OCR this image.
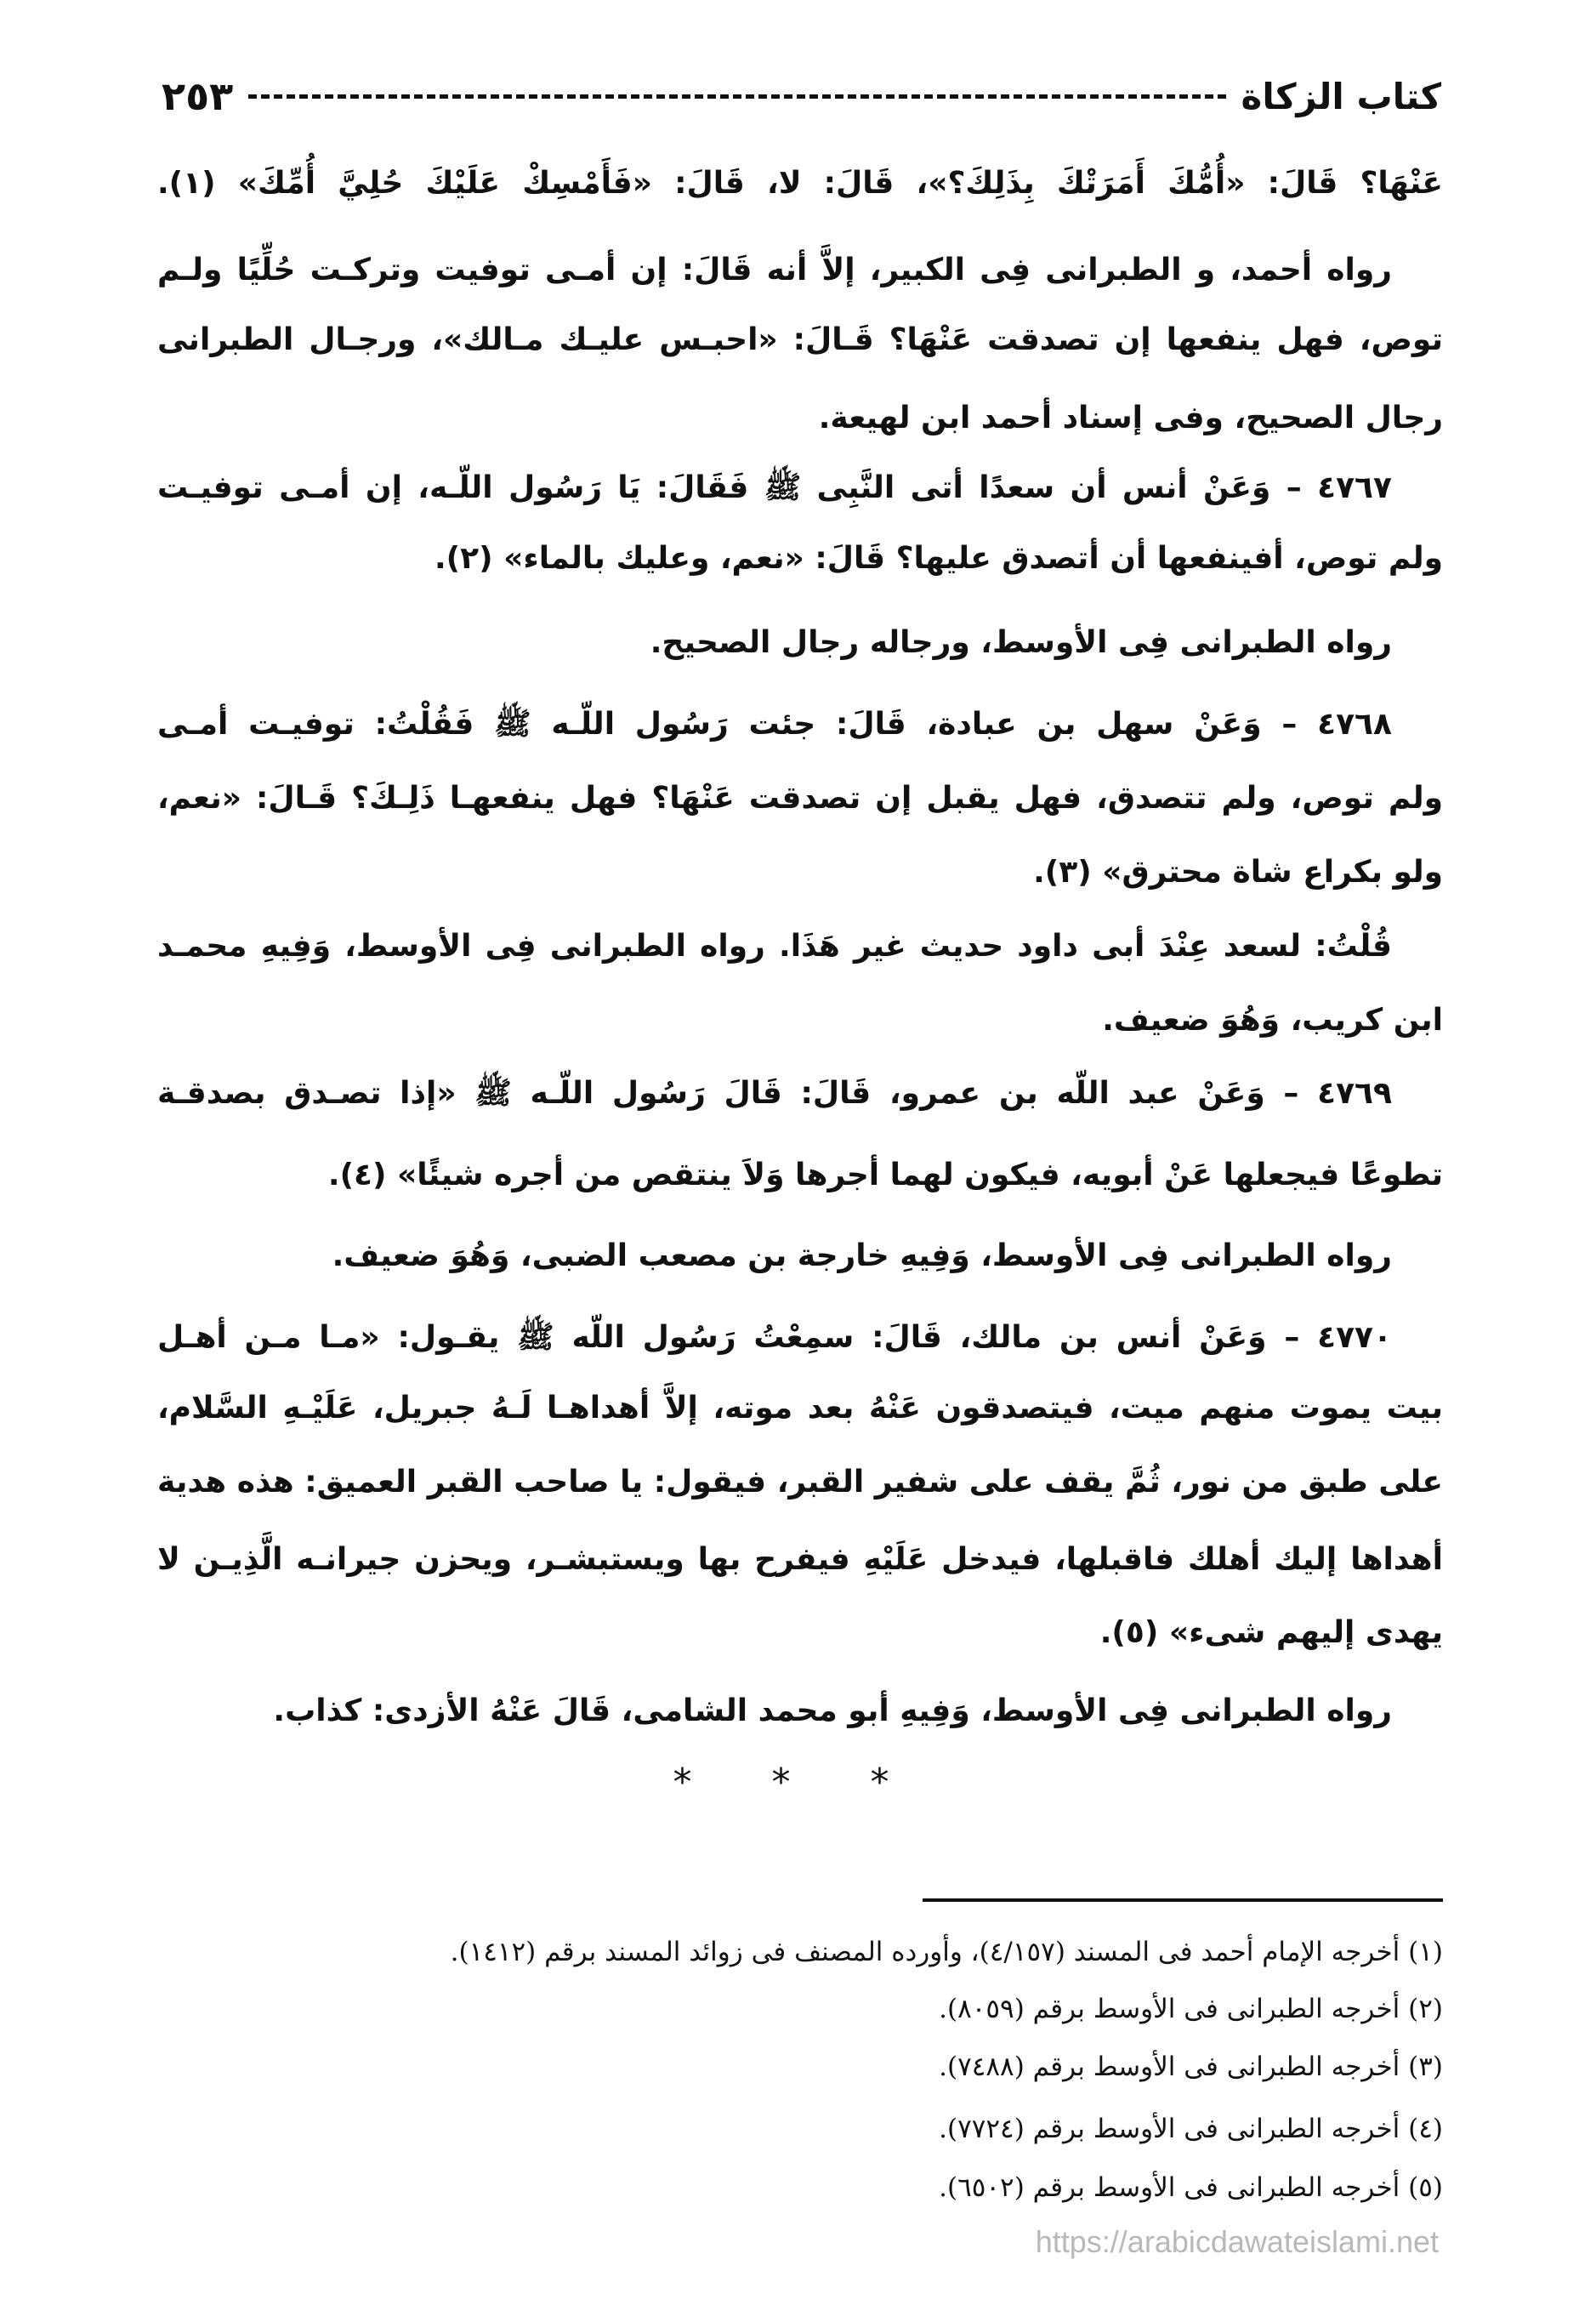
كتاب الزكاة
٢٥٣
عَنْهَا؟ قَالَ: «أُمُّكَ أَمَرَتْكَ بِذَلِكَ؟»، قَالَ: لا، قَالَ: «فَأَمْسِكْ عَلَيْكَ حُلِيَّ أُمِّكَ» (١).
رواه أحمد، و الطبرانى فِى الكبير، إلاَّ أنه قَالَ: إن أمـى توفيت وتركـت حُلِّيًا ولـم
توص، فهل ينفعها إن تصدقت عَنْهَا؟ قَـالَ: «احبـس عليـك مـالك»، ورجـال الطبرانى
رجال الصحيح، وفى إسناد أحمد ابن لهيعة.
٤٧٦٧ – وَعَنْ أنس أن سعدًا أتى النَّبِى ﷺ فَقَالَ: يَا رَسُول اللّـه، إن أمـى توفيـت
ولم توص، أفينفعها أن أتصدق عليها؟ قَالَ: «نعم، وعليك بالماء» (٢).
رواه الطبرانى فِى الأوسط، ورجاله رجال الصحيح.
٤٧٦٨ – وَعَنْ سهل بن عبادة، قَالَ: جئت رَسُول اللّـه ﷺ فَقُلْتُ: توفيـت أمـى
ولم توص، ولم تتصدق، فهل يقبل إن تصدقت عَنْهَا؟ فهل ينفعهـا ذَلِـكَ؟ قَـالَ: «نعم،
ولو بكراع شاة محترق» (٣).
قُلْتُ: لسعد عِنْدَ أبى داود حديث غير هَذَا. رواه الطبرانى فِى الأوسط، وَفِيهِ محمـد
ابن كريب، وَهُوَ ضعيف.
٤٧٦٩ – وَعَنْ عبد اللّه بن عمرو، قَالَ: قَالَ رَسُول اللّـه ﷺ «إذا تصـدق بصدقـة
تطوعًا فيجعلها عَنْ أبويه، فيكون لهما أجرها وَلاَ ينتقص من أجره شيئًا» (٤).
رواه الطبرانى فِى الأوسط، وَفِيهِ خارجة بن مصعب الضبى، وَهُوَ ضعيف.
٤٧٧٠ – وَعَنْ أنس بن مالك، قَالَ: سمِعْتُ رَسُول اللّه ﷺ يقـول: «مـا مـن أهـل
بيت يموت منهم ميت، فيتصدقون عَنْهُ بعد موته، إلاَّ أهداهـا لَـهُ جبريل، عَلَيْـهِ السَّلام،
على طبق من نور، ثُمَّ يقف على شفير القبر، فيقول: يا صاحب القبر العميق: هذه هدية
أهداها إليك أهلك فاقبلها، فيدخل عَلَيْهِ فيفرح بها ويستبشـر، ويحزن جيرانـه الَّذِيـن لا
يهدى إليهم شىء» (٥).
رواه الطبرانى فِى الأوسط، وَفِيهِ أبو محمد الشامى، قَالَ عَنْهُ الأزدى: كذاب.
* * *
(١) أخرجه الإمام أحمد فى المسند (٤/١٥٧)، وأورده المصنف فى زوائد المسند برقم (١٤١٢).
(٢) أخرجه الطبرانى فى الأوسط برقم (٨٠٥٩).
(٣) أخرجه الطبرانى فى الأوسط برقم (٧٤٨٨).
(٤) أخرجه الطبرانى فى الأوسط برقم (٧٧٢٤).
(٥) أخرجه الطبرانى فى الأوسط برقم (٦٥٠٢).
https://arabicdawateislami.net
